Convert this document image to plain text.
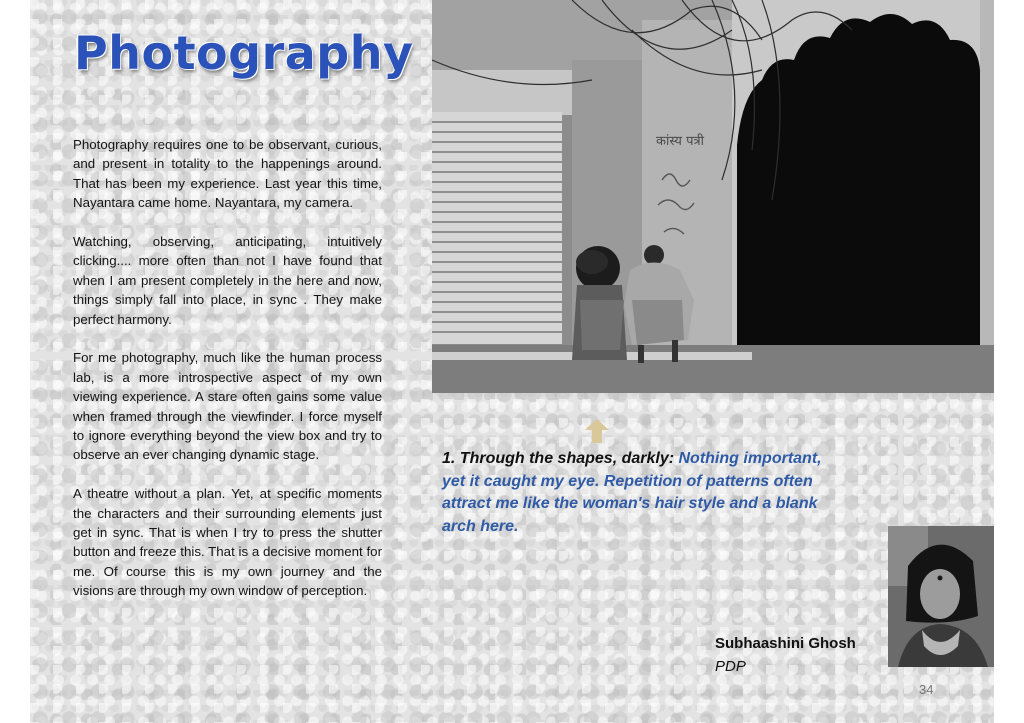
Photography

Photography requires one to be observant, curious, and present in totality to the happenings around. That has been my experience. Last year this time, Nayantara came home. Nayantara, my camera.

Watching, observing, anticipating, intuitively clicking.... more often than not I have found that when I am present completely in the here and now, things simply fall into place, in sync . They make perfect harmony.

For me photography, much like the human process lab, is a more introspective aspect of my own viewing experience. A stare often gains some value when framed through the viewfinder. I force myself to ignore everything beyond the view box and try to observe an ever changing dynamic stage.

A theatre without a plan. Yet, at specific moments the characters and their surrounding elements just get in sync. That is when I try to press the shutter button and freeze this. That is a decisive moment for me. Of course this is my own journey and the visions are through my own window of perception.

कांस्य पत्री
1. Through the shapes, darkly: Nothing important, yet it caught my eye. Repetition of patterns often attract me like the woman's hair style and a blank arch here.

Subhaashini Ghosh

PDP

34
